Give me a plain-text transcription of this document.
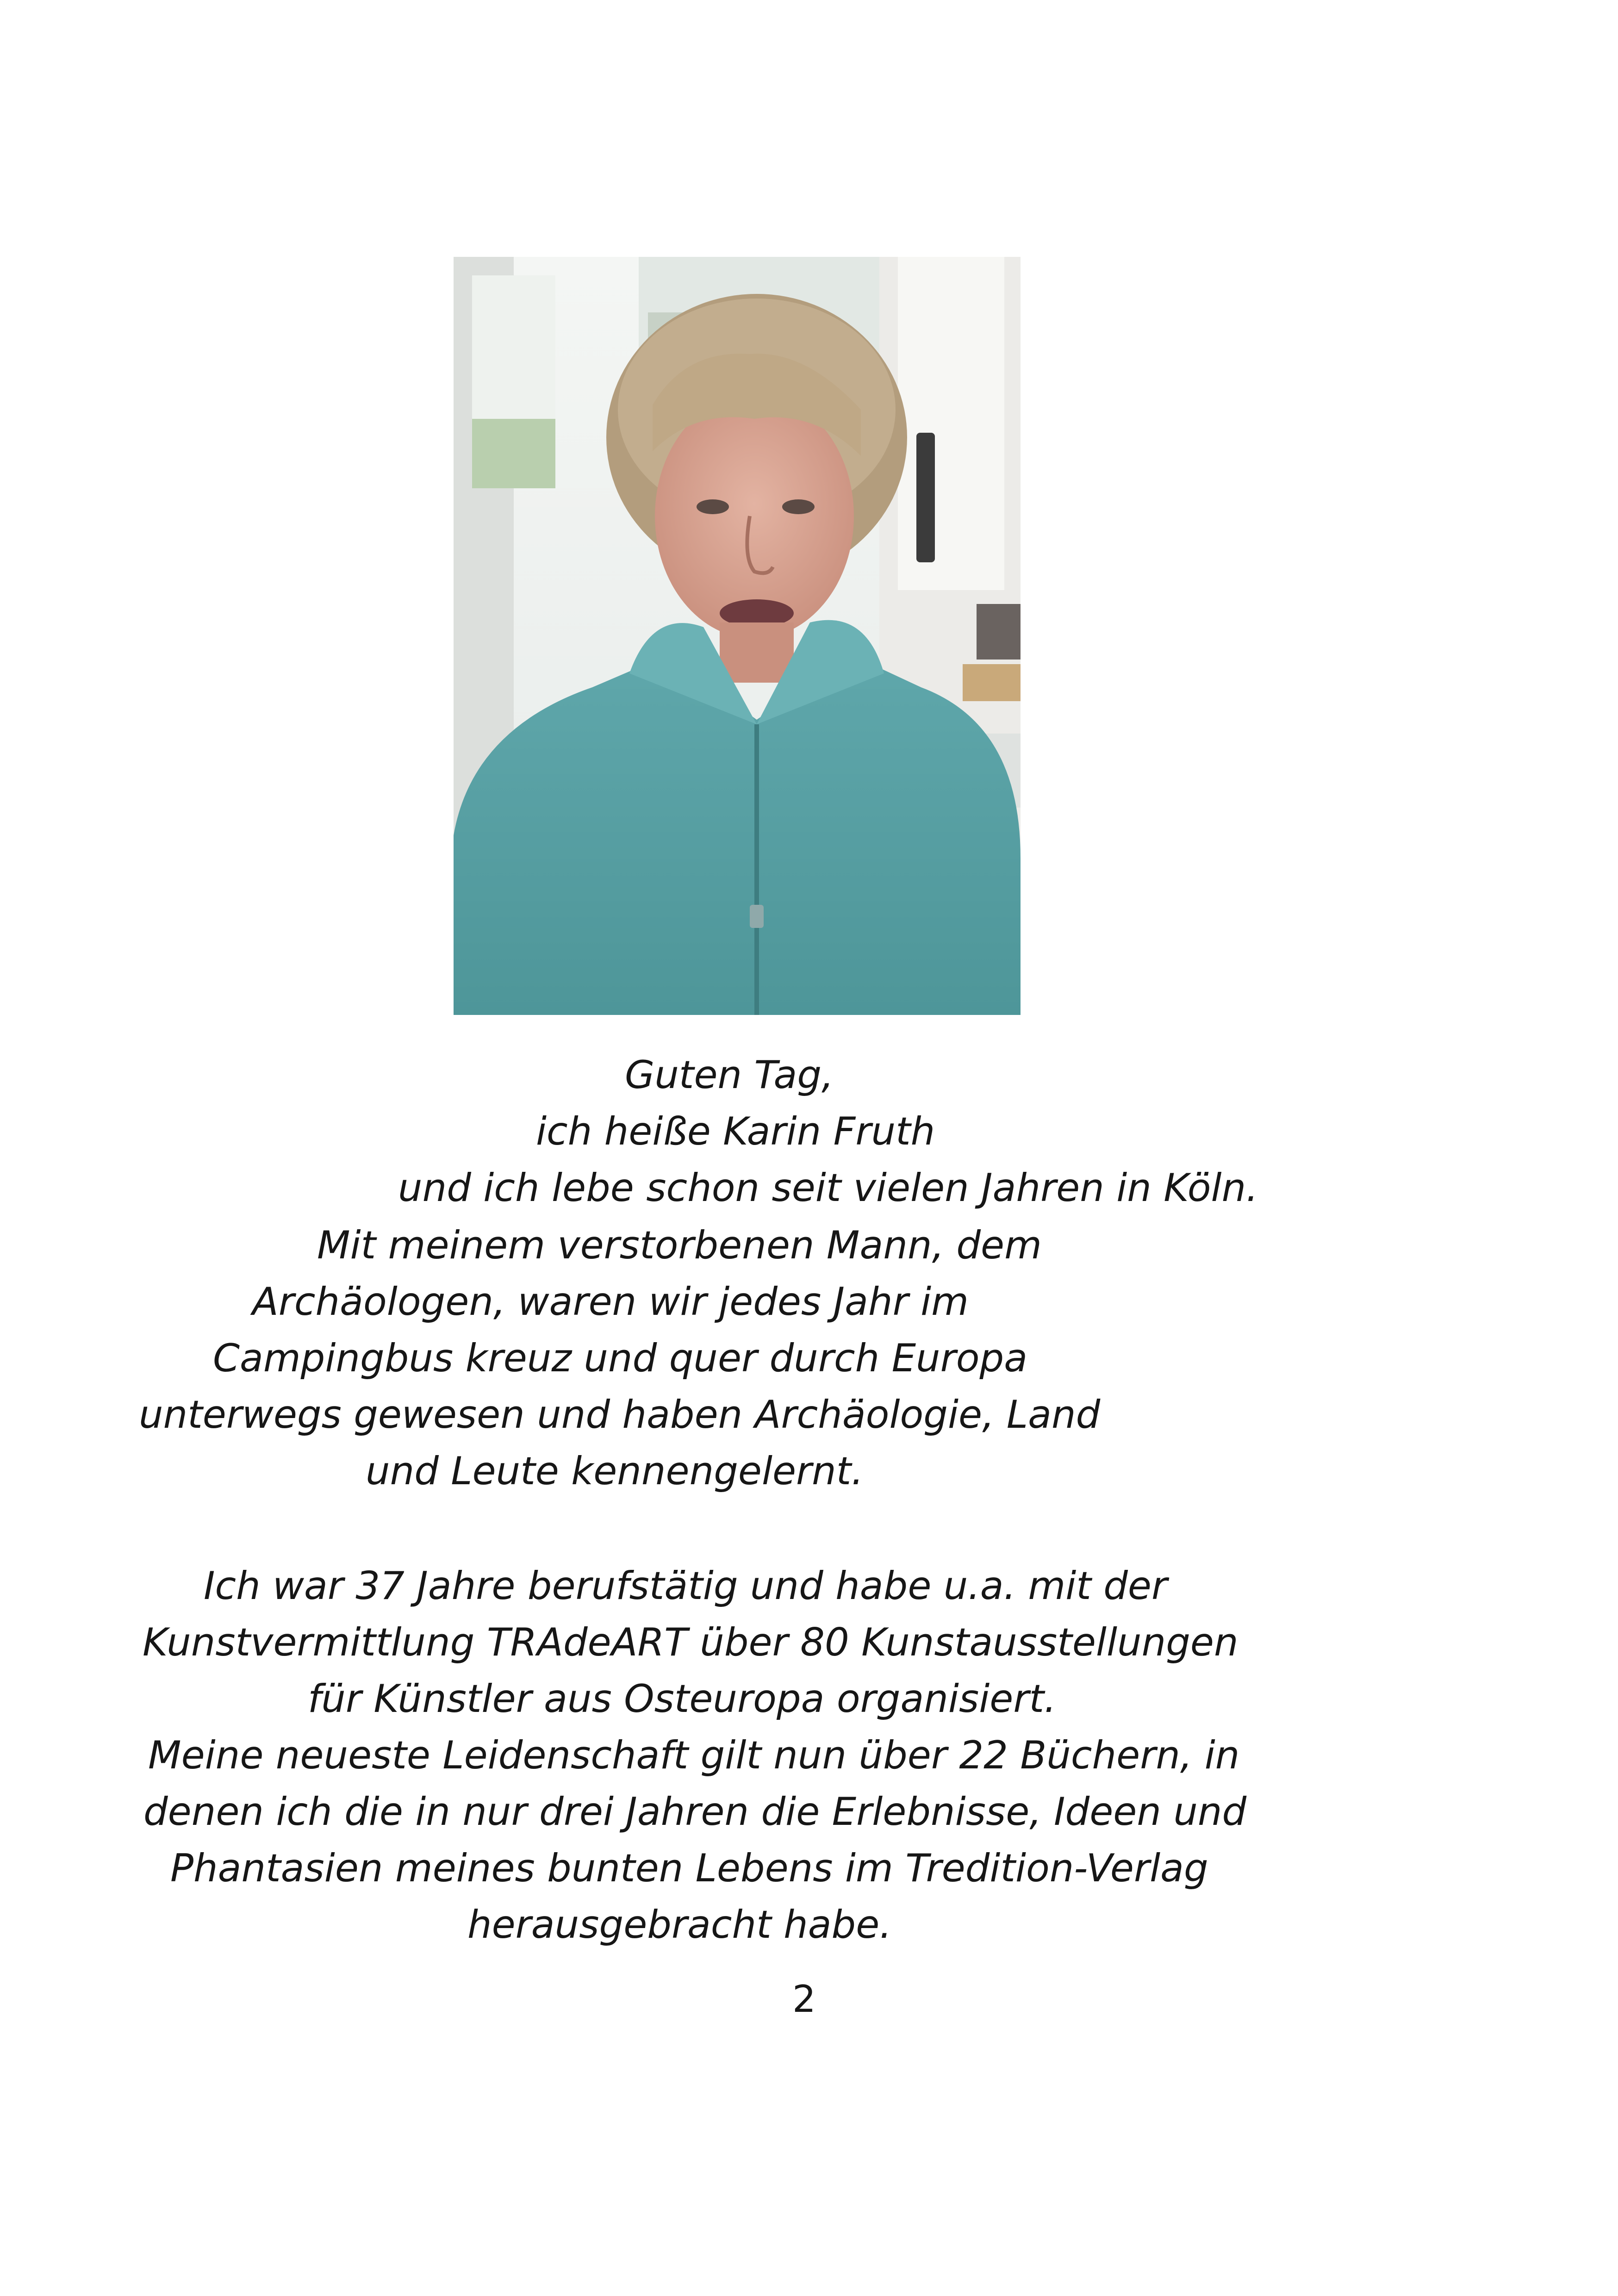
Guten Tag,
ich heiße Karin Fruth
und ich lebe schon seit vielen Jahren in Köln.
Mit meinem verstorbenen Mann, dem
Archäologen, waren wir jedes Jahr im
Campingbus kreuz und quer durch Europa
unterwegs gewesen und haben Archäologie, Land
und Leute kennengelernt.
Ich war 37 Jahre berufstätig und habe u.a. mit der
Kunstvermittlung TRAdeART über 80 Kunstausstellungen
für Künstler aus Osteuropa organisiert.
Meine neueste Leidenschaft gilt nun über 22 Büchern, in
denen ich die in nur drei Jahren die Erlebnisse, Ideen und
Phantasien meines bunten Lebens im Tredition-Verlag
herausgebracht habe.
2
